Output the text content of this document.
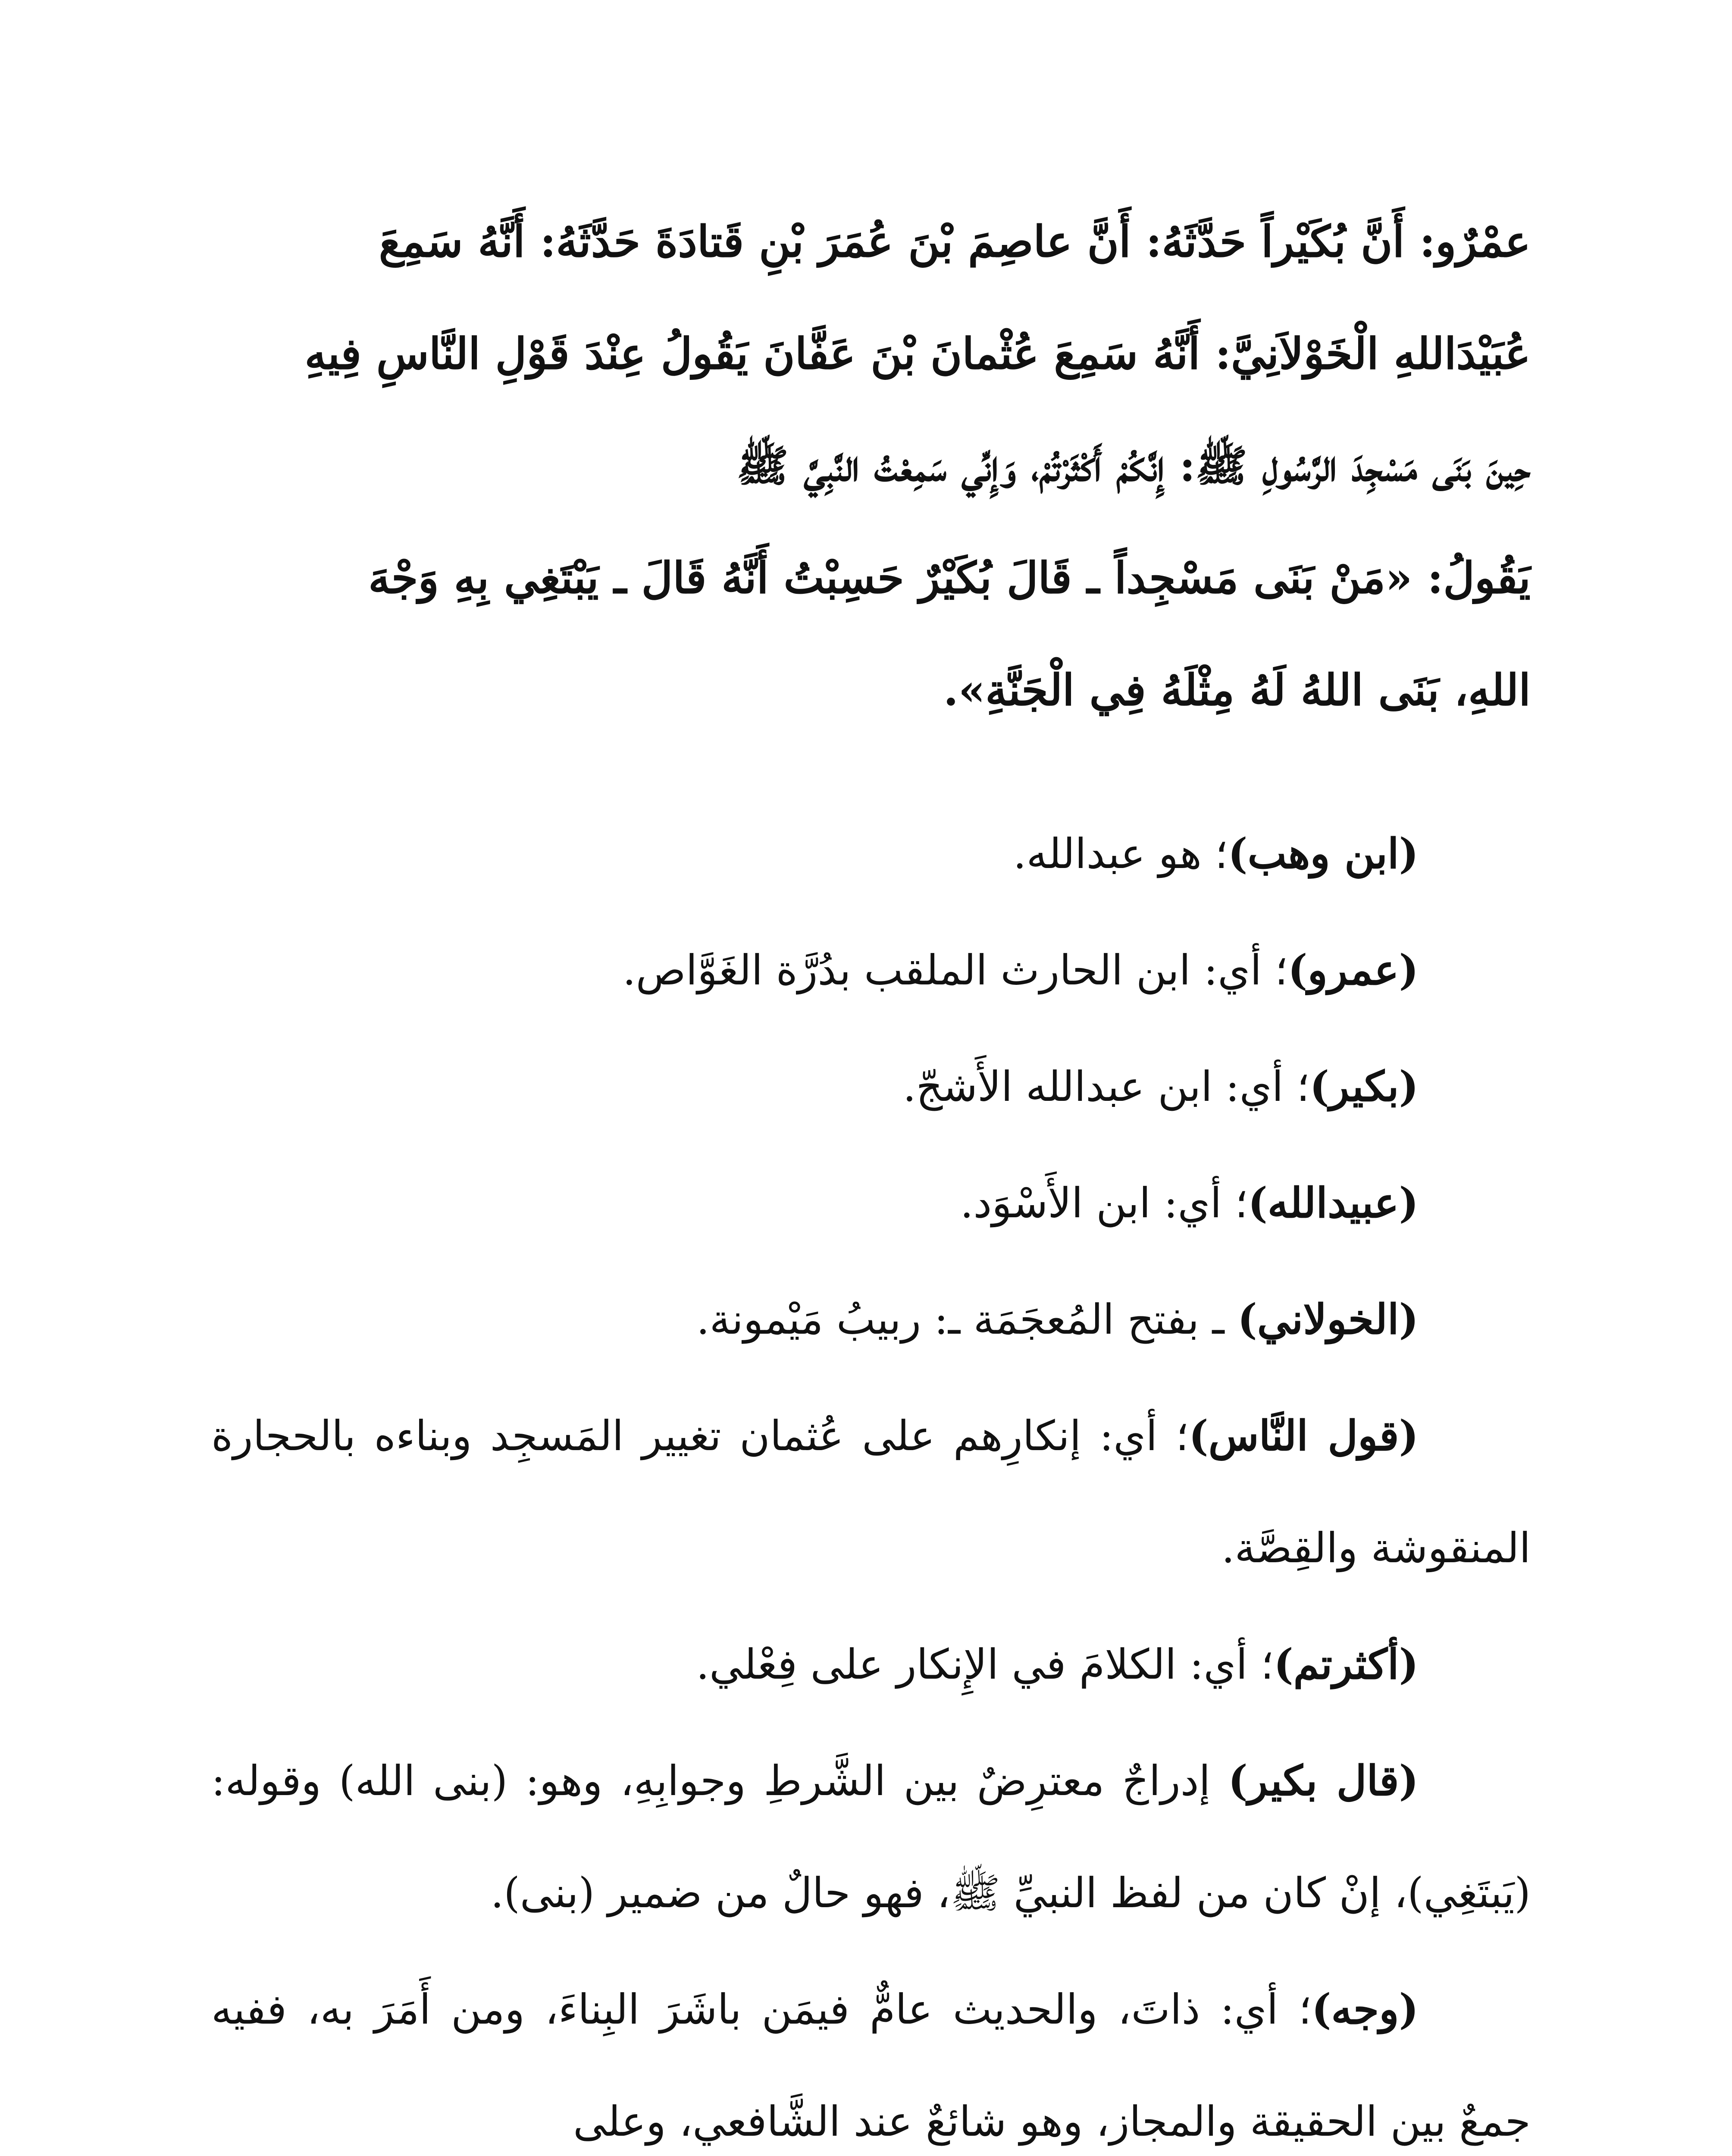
عمْرٌو: أَنَّ بُكَيْراً حَدَّثَهُ: أَنَّ عاصِمَ بْنَ عُمَرَ بْنِ قَتادَةَ حَدَّثَهُ: أَنَّهُ سَمِعَ
عُبَيْدَاللهِ الْخَوْلاَنِيَّ: أَنَّهُ سَمِعَ عُثْمانَ بْنَ عَفَّانَ يَقُولُ عِنْدَ قَوْلِ النَّاسِ فِيهِ
حِينَ بَنَى مَسْجِدَ الرَّسُولِ ﷺ: إِنَّكُمْ أَكْثَرْتُمْ، وَإِنِّي سَمِعْتُ النَّبِيَّ ﷺ
يَقُولُ: «مَنْ بَنَى مَسْجِداً ـ قَالَ بُكَيْرٌ حَسِبْتُ أَنَّهُ قَالَ ـ يَبْتَغِي بِهِ وَجْهَ
اللهِ، بَنَى اللهُ لَهُ مِثْلَهُ فِي الْجَنَّةِ».

(ابن وهب)؛ هو عبدالله.

(عمرو)؛ أي: ابن الحارث الملقب بدُرَّة الغَوَّاص.

(بكير)؛ أي: ابن عبدالله الأَشجّ.

(عبيدالله)؛ أي: ابن الأَسْوَد.

(الخولاني) ـ بفتح المُعجَمَة ـ: ربيبُ مَيْمونة.

(قول النَّاس)؛ أي: إنكارِهم على عُثمان تغيير المَسجِد وبناءه بالحجارة المنقوشة والقِصَّة.

(أكثرتم)؛ أي: الكلامَ في الإِنكار على فِعْلي.

(قال بكير) إدراجٌ معترِضٌ بين الشَّرطِ وجوابِهِ، وهو: (بنى الله) وقوله: (يَبتَغِي)، إنْ كان من لفظ النبيِّ ﷺ، فهو حالٌ من ضمير (بنى).

(وجه)؛ أي: ذاتَ، والحديث عامٌّ فيمَن باشَرَ البِناءَ، ومن أَمَرَ به، ففيه جمعٌ بين الحقيقة والمجاز، وهو شائعٌ عند الشَّافعي، وعلى
